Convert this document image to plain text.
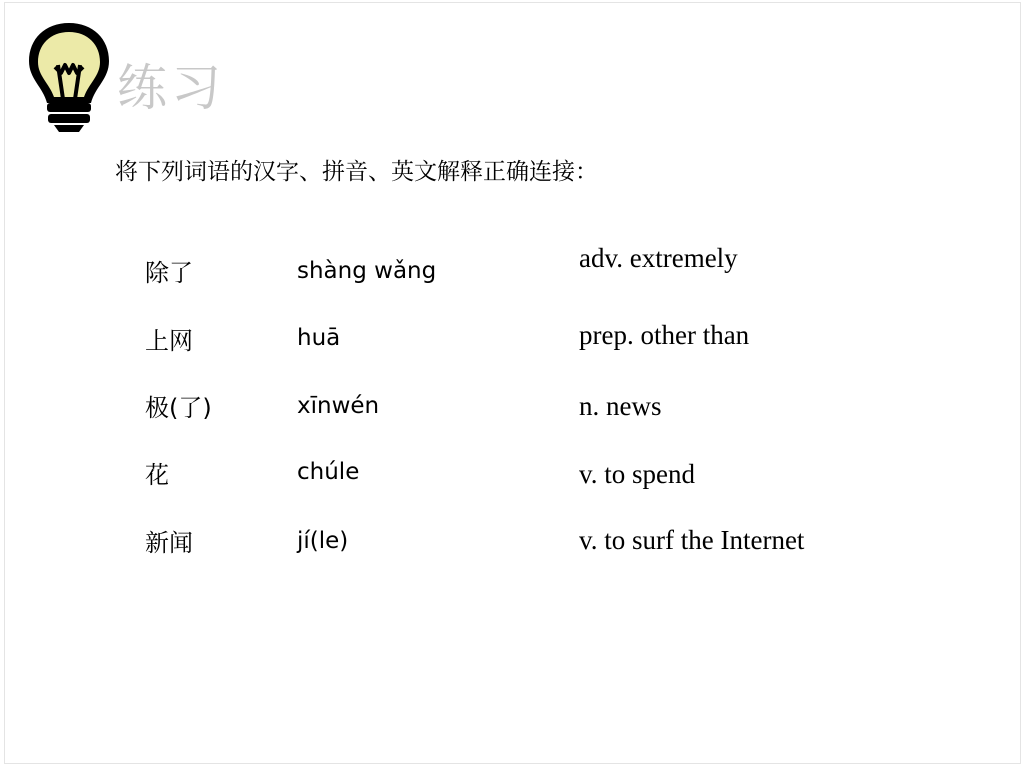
练习
将下列词语的汉字、拼音、英文解释正确连接：
除了
上网
极(了)
花
新闻
shàng wǎng
huā
xīnwén
chúle
jí(le)
adv. extremely
prep. other than
n. news
v. to spend
v. to surf the Internet
